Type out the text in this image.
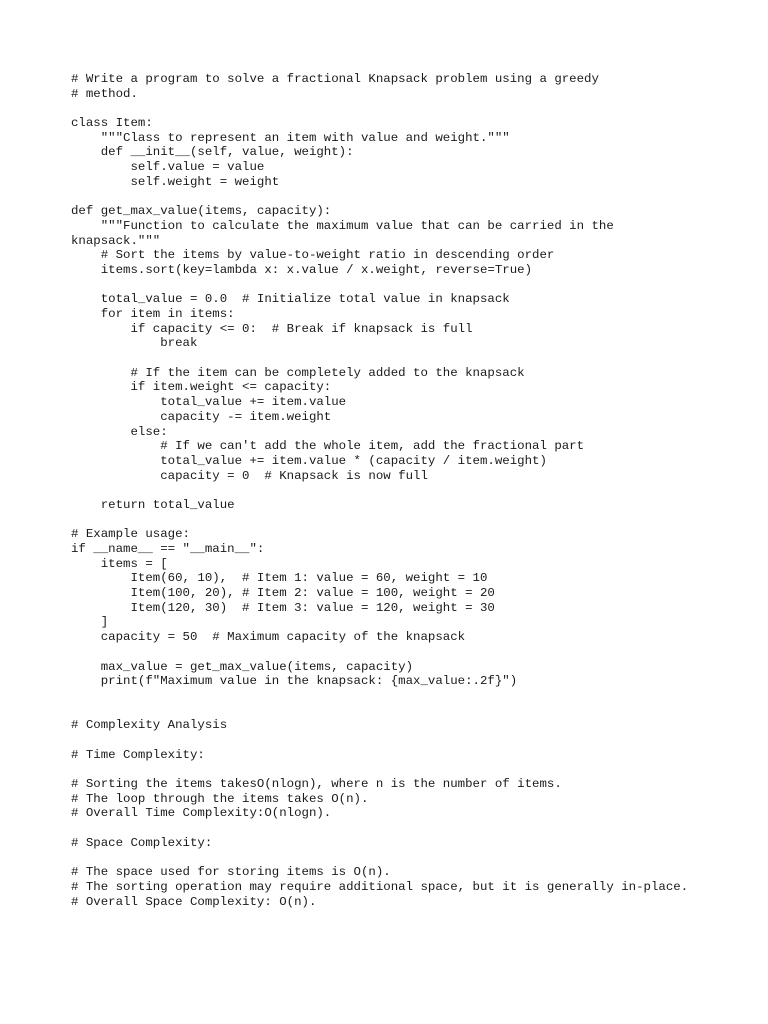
# Write a program to solve a fractional Knapsack problem using a greedy
# method.
class Item:
"""Class to represent an item with value and weight."""
def __init__(self, value, weight):
self.value = value
self.weight = weight
def get_max_value(items, capacity):
"""Function to calculate the maximum value that can be carried in the
knapsack."""
# Sort the items by value-to-weight ratio in descending order
items.sort(key=lambda x: x.value / x.weight, reverse=True)
total_value = 0.0  # Initialize total value in knapsack
for item in items:
if capacity <= 0:  # Break if knapsack is full
break
# If the item can be completely added to the knapsack
if item.weight <= capacity:
total_value += item.value
capacity -= item.weight
else:
# If we can't add the whole item, add the fractional part
total_value += item.value * (capacity / item.weight)
capacity = 0  # Knapsack is now full
return total_value
# Example usage:
if __name__ == "__main__":
items = [
Item(60, 10),  # Item 1: value = 60, weight = 10
Item(100, 20), # Item 2: value = 100, weight = 20
Item(120, 30)  # Item 3: value = 120, weight = 30
]
capacity = 50  # Maximum capacity of the knapsack
max_value = get_max_value(items, capacity)
print(f"Maximum value in the knapsack: {max_value:.2f}")
# Complexity Analysis
# Time Complexity:
# Sorting the items takesO(nlogn), where n is the number of items.
# The loop through the items takes O(n).
# Overall Time Complexity:O(nlogn).
# Space Complexity:
# The space used for storing items is O(n).
# The sorting operation may require additional space, but it is generally in-place.
# Overall Space Complexity: O(n).
